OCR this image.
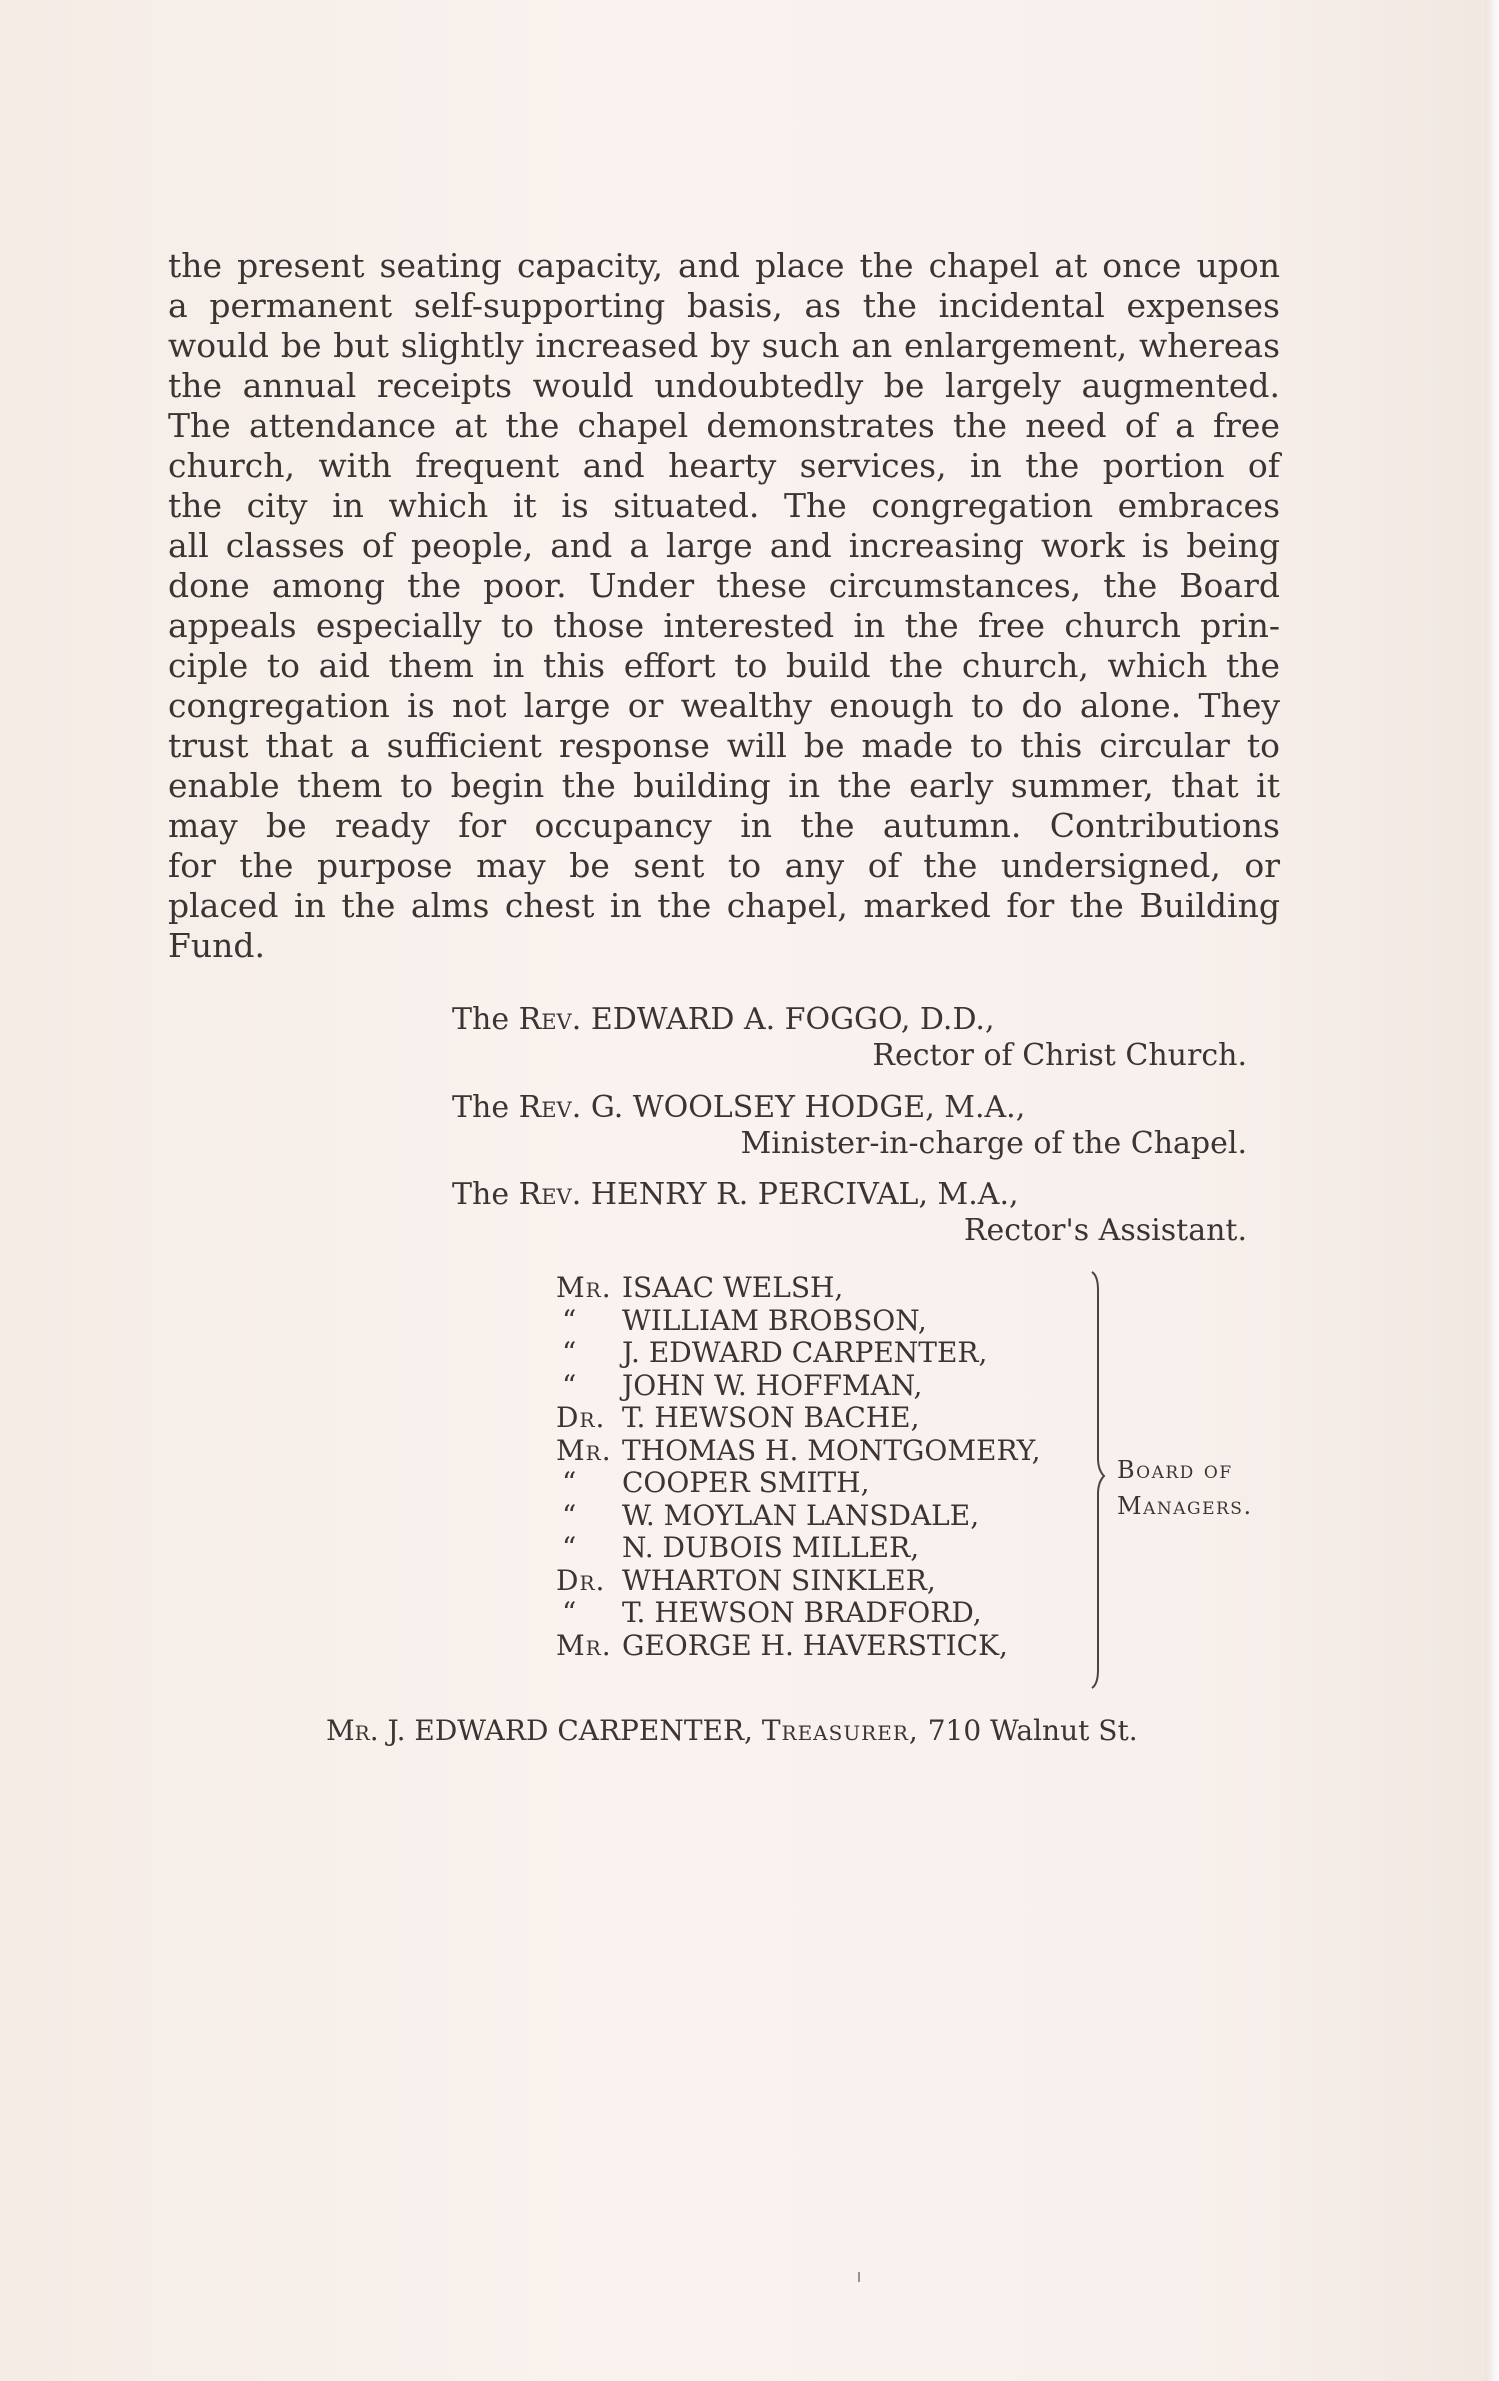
the present seating capacity, and place the chapel at once upon
a permanent self-supporting basis, as the incidental expenses
would be but slightly increased by such an enlargement, whereas
the annual receipts would undoubtedly be largely augmented.
The attendance at the chapel demonstrates the need of a free
church, with frequent and hearty services, in the portion of
the city in which it is situated. The congregation embraces
all classes of people, and a large and increasing work is being
done among the poor. Under these circumstances, the Board
appeals especially to those interested in the free church prin-
ciple to aid them in this effort to build the church, which the
congregation is not large or wealthy enough to do alone. They
trust that a sufficient response will be made to this circular to
enable them to begin the building in the early summer, that it
may be ready for occupancy in the autumn. Contributions
for the purpose may be sent to any of the undersigned, or
placed in the alms chest in the chapel, marked for the Building
Fund.
The Rev. EDWARD A. FOGGO, D.D.,
Rector of Christ Church.
The Rev. G. WOOLSEY HODGE, M.A.,
Minister-in-charge of the Chapel.
The Rev. HENRY R. PERCIVAL, M.A.,
Rector's Assistant.
Mr. ISAAC WELSH,
“ WILLIAM BROBSON,
“ J. EDWARD CARPENTER,
“ JOHN W. HOFFMAN,
Dr. T. HEWSON BACHE,
Mr. THOMAS H. MONTGOMERY,
“ COOPER SMITH,
“ W. MOYLAN LANSDALE,
“ N. DUBOIS MILLER,
Dr. WHARTON SINKLER,
“ T. HEWSON BRADFORD,
Mr. GEORGE H. HAVERSTICK,
Board of
Managers.
Mr. J. EDWARD CARPENTER, Treasurer, 710 Walnut St.
